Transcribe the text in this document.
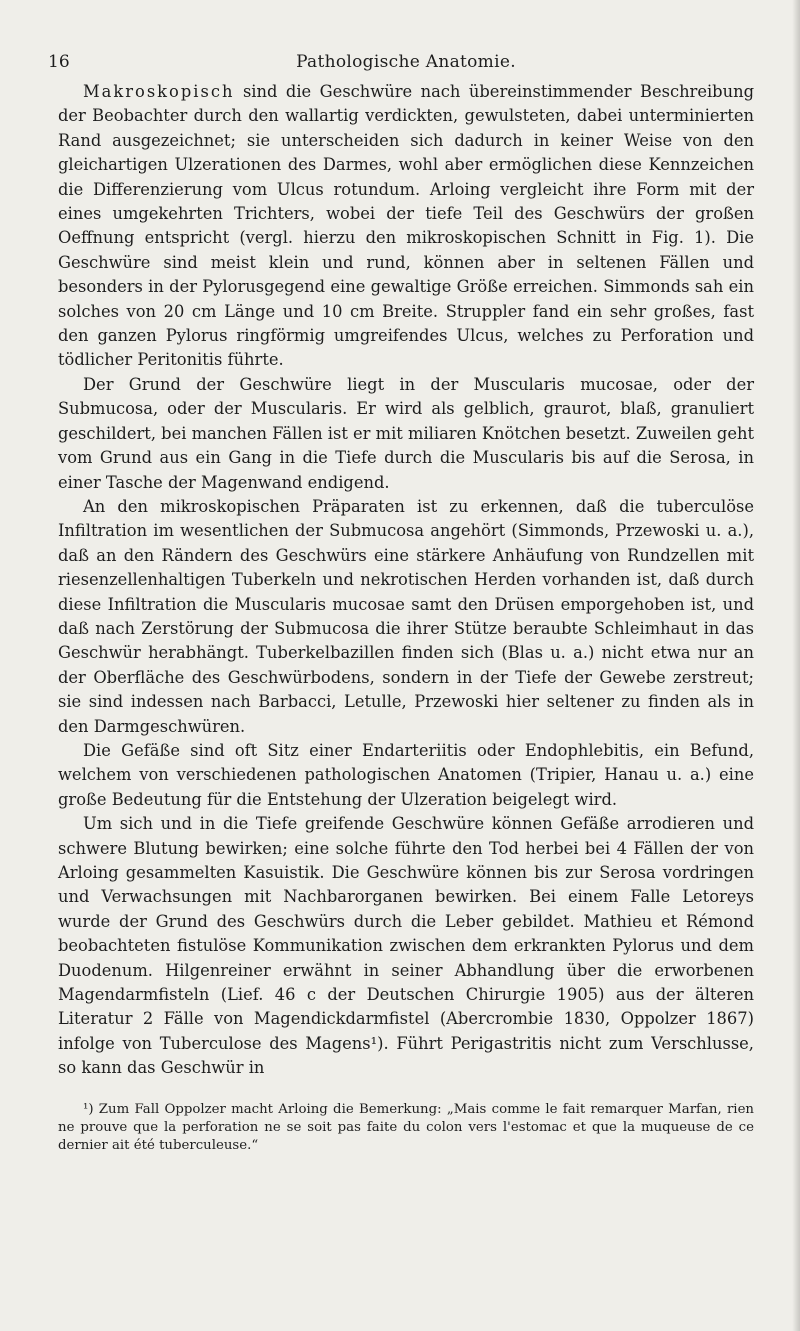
16	Pathologische Anatomie.

Makroskopisch sind die Geschwüre nach übereinstimmender Beschreibung der Beobachter durch den wallartig verdickten, gewulsteten, dabei unterminierten Rand ausgezeichnet; sie unterscheiden sich dadurch in keiner Weise von den gleichartigen Ulzerationen des Darmes, wohl aber ermöglichen diese Kennzeichen die Differenzierung vom Ulcus rotundum. Arloing vergleicht ihre Form mit der eines umgekehrten Trichters, wobei der tiefe Teil des Geschwürs der großen Oeffnung entspricht (vergl. hierzu den mikroskopischen Schnitt in Fig. 1). Die Geschwüre sind meist klein und rund, können aber in seltenen Fällen und besonders in der Pylorusgegend eine gewaltige Größe erreichen. Simmonds sah ein solches von 20 cm Länge und 10 cm Breite. Struppler fand ein sehr großes, fast den ganzen Pylorus ringförmig umgreifendes Ulcus, welches zu Perforation und tödlicher Peritonitis führte.

Der Grund der Geschwüre liegt in der Muscularis mucosae, oder der Submucosa, oder der Muscularis. Er wird als gelblich, graurot, blaß, granuliert geschildert, bei manchen Fällen ist er mit miliaren Knötchen besetzt. Zuweilen geht vom Grund aus ein Gang in die Tiefe durch die Muscularis bis auf die Serosa, in einer Tasche der Magenwand endigend.

An den mikroskopischen Präparaten ist zu erkennen, daß die tuberculöse Infiltration im wesentlichen der Submucosa angehört (Simmonds, Przewoski u. a.), daß an den Rändern des Geschwürs eine stärkere Anhäufung von Rundzellen mit riesenzellenhaltigen Tuberkeln und nekrotischen Herden vorhanden ist, daß durch diese Infiltration die Muscularis mucosae samt den Drüsen emporgehoben ist, und daß nach Zerstörung der Submucosa die ihrer Stütze beraubte Schleimhaut in das Geschwür herabhängt. Tuberkelbazillen finden sich (Blas u. a.) nicht etwa nur an der Oberfläche des Geschwürbodens, sondern in der Tiefe der Gewebe zerstreut; sie sind indessen nach Barbacci, Letulle, Przewoski hier seltener zu finden als in den Darmgeschwüren.

Die Gefäße sind oft Sitz einer Endarteriitis oder Endophlebitis, ein Befund, welchem von verschiedenen pathologischen Anatomen (Tripier, Hanau u. a.) eine große Bedeutung für die Entstehung der Ulzeration beigelegt wird.

Um sich und in die Tiefe greifende Geschwüre können Gefäße arrodieren und schwere Blutung bewirken; eine solche führte den Tod herbei bei 4 Fällen der von Arloing gesammelten Kasuistik. Die Geschwüre können bis zur Serosa vordringen und Verwachsungen mit Nachbarorganen bewirken. Bei einem Falle Letoreys wurde der Grund des Geschwürs durch die Leber gebildet. Mathieu et Rémond beobachteten fistulöse Kommunikation zwischen dem erkrankten Pylorus und dem Duodenum. Hilgenreiner erwähnt in seiner Abhandlung über die erworbenen Magendarmfisteln (Lief. 46 c der Deutschen Chirurgie 1905) aus der älteren Literatur 2 Fälle von Magendickdarmfistel (Abercrombie 1830, Oppolzer 1867) infolge von Tuberculose des Magens¹). Führt Perigastritis nicht zum Verschlusse, so kann das Geschwür in

¹) Zum Fall Oppolzer macht Arloing die Bemerkung: „Mais comme le fait remarquer Marfan, rien ne prouve que la perforation ne se soit pas faite du colon vers l'estomac et que la muqueuse de ce dernier ait été tuberculeuse.“
